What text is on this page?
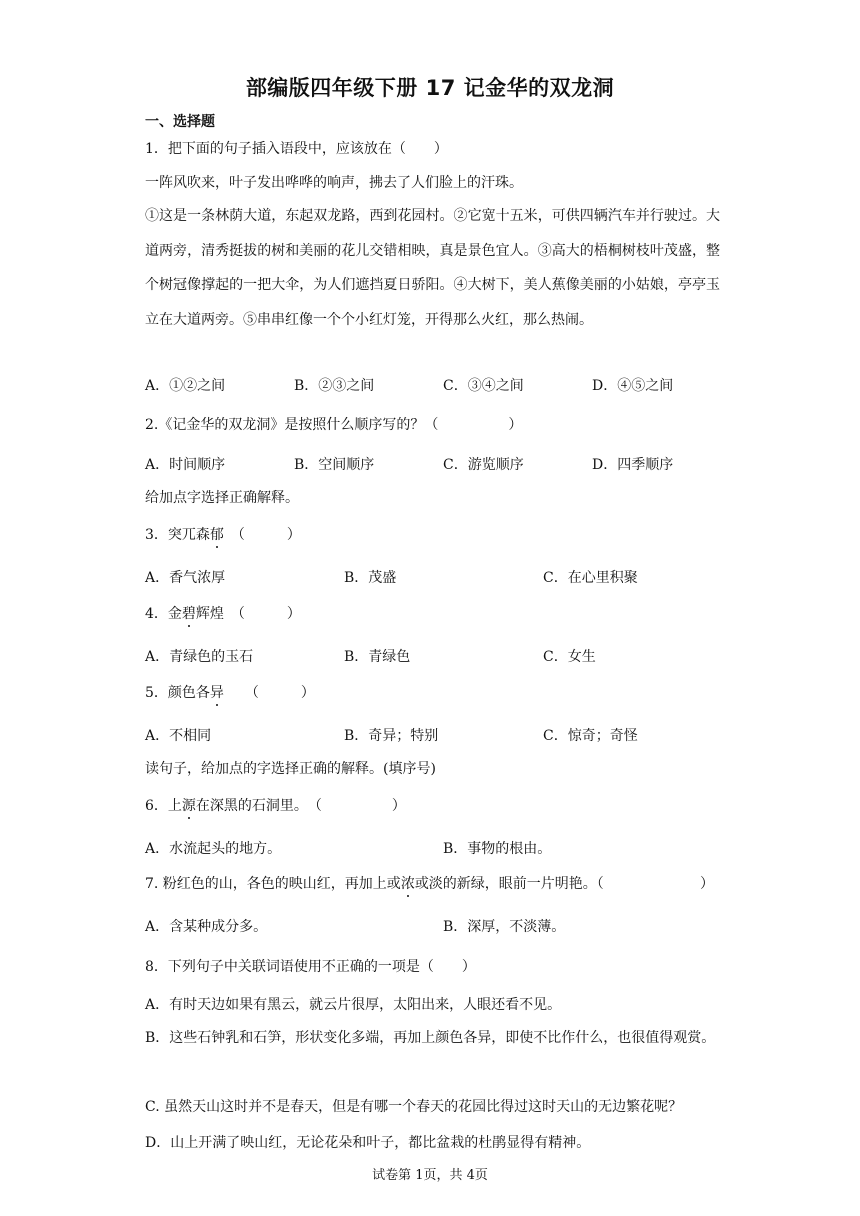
部编版四年级下册 17 记金华的双龙洞
一、选择题
1．把下面的句子插入语段中，应该放在（　　）
一阵风吹来，叶子发出哗哗的响声，拂去了人们脸上的汗珠。
①这是一条林荫大道，东起双龙路，西到花园村。②它宽十五米，可供四辆汽车并行驶过。大道两旁，清秀挺拔的树和美丽的花儿交错相映，真是景色宜人。③高大的梧桐树枝叶茂盛，整个树冠像撑起的一把大伞，为人们遮挡夏日骄阳。④大树下，美人蕉像美丽的小姑娘，亭亭玉立在大道两旁。⑤串串红像一个个小红灯笼，开得那么火红，那么热闹。
A．①②之间	B．②③之间	C．③④之间	D．④⑤之间
2.《记金华的双龙洞》是按照什么顺序写的？（　　　　　）
A．时间顺序	B．空间顺序	C．游览顺序	D．四季顺序
给加点字选择正确解释。
3．突兀森郁　（　　　）
A．香气浓厚	B．茂盛	C．在心里积聚
4．金碧辉煌　（　　　）
A．青绿色的玉石	B．青绿色	C．女生
5．颜色各异　　（　　　）
A．不相同	B．奇异；特别	C．惊奇；奇怪
读句子，给加点的字选择正确的解释。(填序号)
6．上源在深黑的石洞里。　（　　　　　）
A．水流起头的地方。	B．事物的根由。
7. 粉红色的山，各色的映山红，再加上或浓或淡的新绿，眼前一片明艳。（	）
A．含某种成分多。	B．深厚，不淡薄。
8．下列句子中关联词语使用不正确的一项是（　　）
A．有时天边如果有黑云，就云片很厚，太阳出来，人眼还看不见。
B．这些石钟乳和石笋，形状变化多端，再加上颜色各异，即使不比作什么，也很值得观赏。
C. 虽然天山这时并不是春天，但是有哪一个春天的花园比得过这时天山的无边繁花呢？
D．山上开满了映山红，无论花朵和叶子，都比盆栽的杜鹃显得有精神。
试卷第 1页，共 4页
